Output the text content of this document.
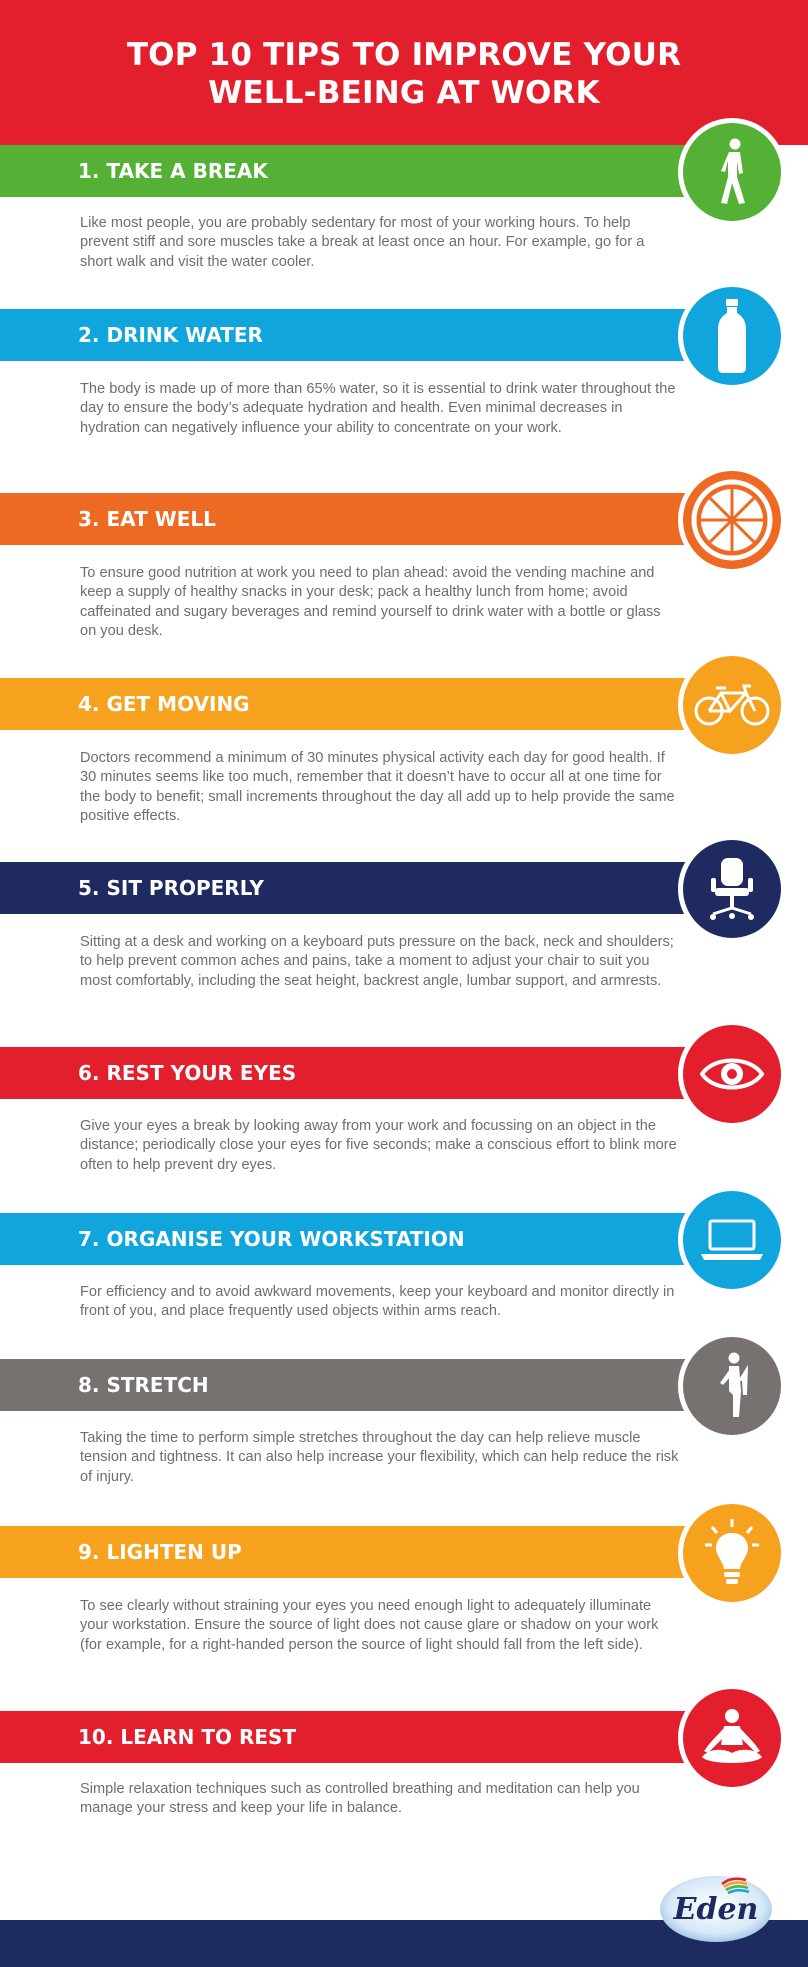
TOP 10 TIPS TO IMPROVE YOUR
WELL-BEING AT WORK
1. TAKE A BREAK
Like most people, you are probably sedentary for most of your working hours. To help prevent stiff and sore muscles take a break at least once an hour. For example, go for a short walk and visit the water cooler.
2. DRINK WATER
The body is made up of more than 65% water, so it is essential to drink water throughout the day to ensure the body’s adequate hydration and health. Even minimal decreases in hydration can negatively influence your ability to concentrate on your work.
3. EAT WELL
To ensure good nutrition at work you need to plan ahead: avoid the vending machine and keep a supply of healthy snacks in your desk; pack a healthy lunch from home; avoid caffeinated and sugary beverages and remind yourself to drink water with a bottle or glass on you desk.
4. GET MOVING
Doctors recommend a minimum of 30 minutes physical activity each day for good health. If 30 minutes seems like too much, remember that it doesn’t have to occur all at one time for the body to benefit; small increments throughout the day all add up to help provide the same positive effects.
5. SIT PROPERLY
Sitting at a desk and working on a keyboard puts pressure on the back, neck and shoulders; to help prevent common aches and pains, take a moment to adjust your chair to suit you most comfortably, including the seat height, backrest angle, lumbar support, and armrests.
6. REST YOUR EYES
Give your eyes a break by looking away from your work and focussing on an object in the distance; periodically close your eyes for five seconds; make a conscious effort to blink more often to help prevent dry eyes.
7. ORGANISE YOUR WORKSTATION
For efficiency and to avoid awkward movements, keep your keyboard and monitor directly in front of you, and place frequently used objects within arms reach.
8. STRETCH
Taking the time to perform simple stretches throughout the day can help relieve muscle tension and tightness. It can also help increase your flexibility, which can help reduce the risk of injury.
9. LIGHTEN UP
To see clearly without straining your eyes you need enough light to adequately illuminate your workstation. Ensure the source of light does not cause glare or shadow on your work (for example, for a right-handed person the source of light should fall from the left side).
10. LEARN TO REST
Simple relaxation techniques such as controlled breathing and meditation can help you manage your stress and keep your life in balance.
Eden
